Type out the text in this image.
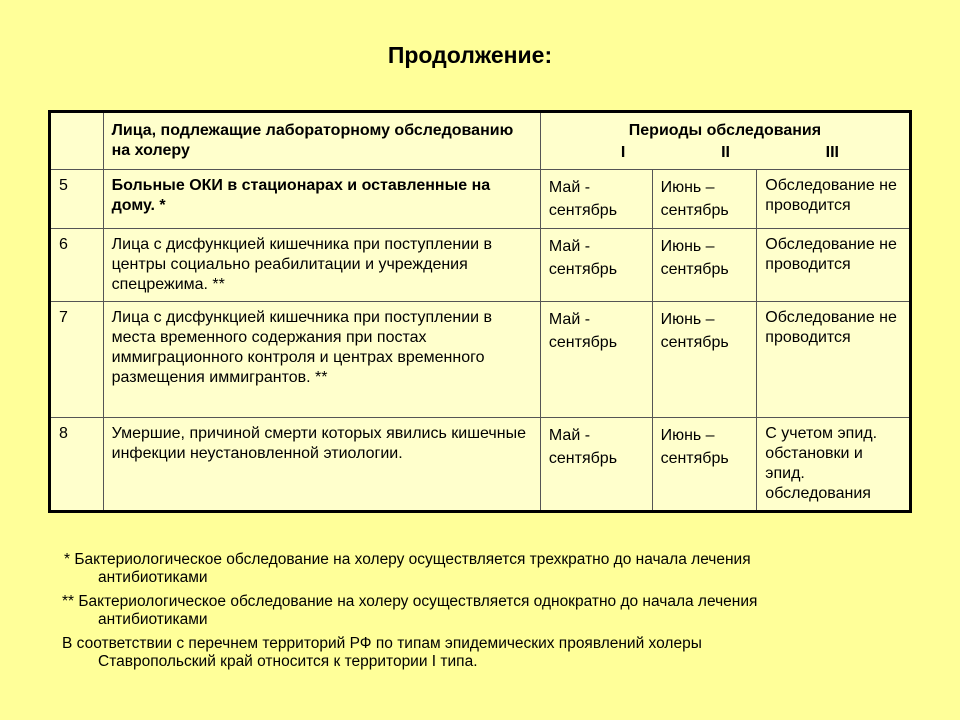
Продолжение:
	Лица, подлежащие лабораторному обследованию на холеру	Периоды обследования
I II III		

5	Больные ОКИ в стационарах и оставленные на дому. *	Май - сентябрь	Июнь – сентябрь	Обследование не проводится
6	Лица с дисфункцией кишечника при поступлении в центры социально реабилитации и учреждения спецрежима. **	Май - сентябрь	Июнь – сентябрь	Обследование не проводится
7	Лица с дисфункцией кишечника при поступлении в места временного содержания при постах иммиграционного контроля и центрах временного размещения иммигрантов. **	Май - сентябрь	Июнь – сентябрь	Обследование не проводится
8	Умершие, причиной смерти которых явились кишечные инфекции неустановленной этиологии.	Май - сентябрь	Июнь – сентябрь	С учетом эпид. обстановки и эпид. обследования

* Бактериологическое обследование на холеру осуществляется трехкратно до начала лечения
антибиотиками

** Бактериологическое обследование на холеру осуществляется однократно до начала лечения
антибиотиками

В соответствии с перечнем территорий РФ по типам эпидемических проявлений холеры
Ставропольский край относится к территории I типа.
